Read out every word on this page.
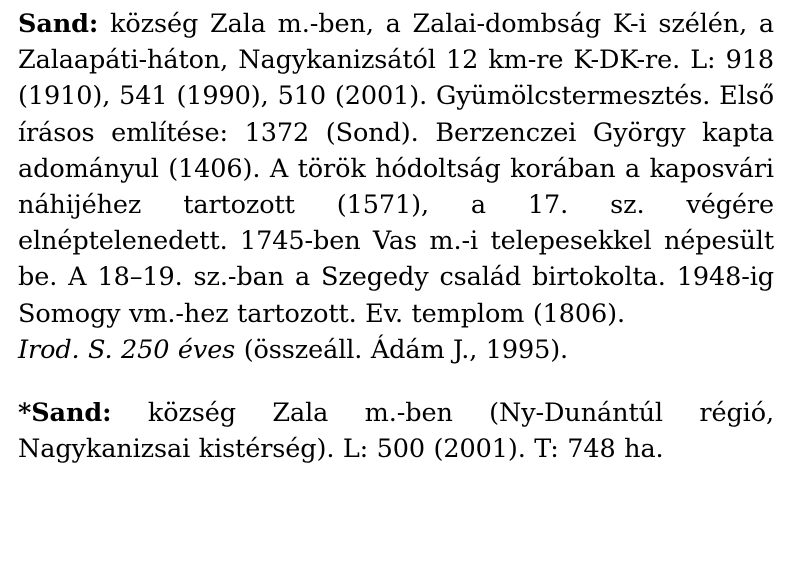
Sand: község Zala m.-ben, a Zalai-dombság K-i szélén, a Zalaapáti-háton, Nagykanizsától 12 km-re K-DK-re. L: 918 (1910), 541 (1990), 510 (2001). Gyümölcstermesztés. Első írásos említése: 1372 (Sond). Berzenczei György kapta adományul (1406). A török hódoltság korában a kaposvári náhijéhez tartozott (1571), a 17. sz. végére elnéptelenedett. 1745-ben Vas m.-i telepesekkel népesült be. A 18–19. sz.-ban a Szegedy család birtokolta. 1948-ig Somogy vm.-hez tartozott. Ev. templom (1806).

Irod. S. 250 éves (összeáll. Ádám J., 1995).

*Sand: község Zala m.-ben (Ny-Dunántúl régió, Nagykanizsai kistérség). L: 500 (2001). T: 748 ha.
